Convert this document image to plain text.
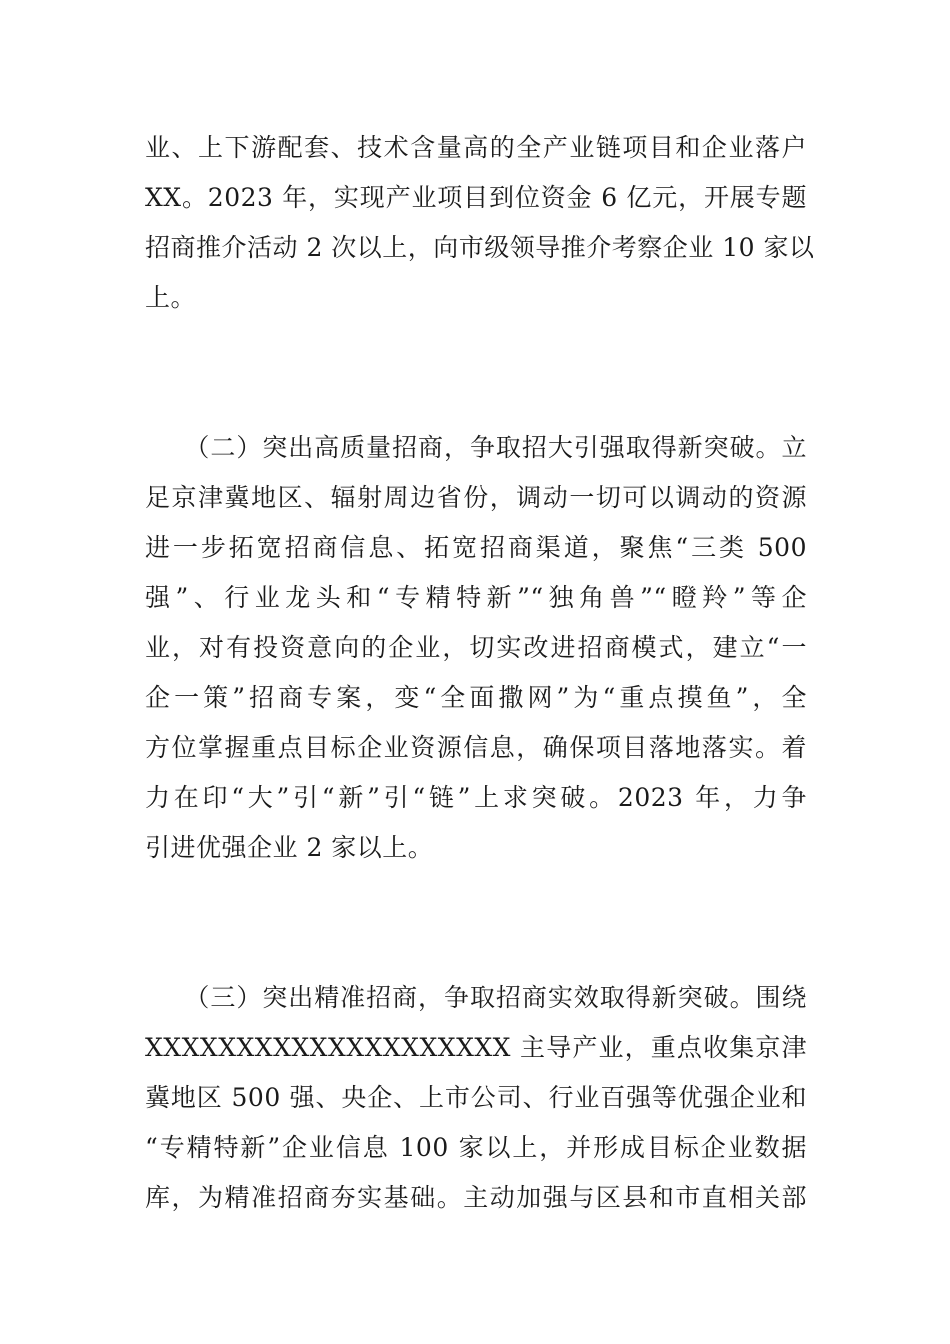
业、上下游配套、技术含量高的全产业链项目和企业落户
XX。2023 年，实现产业项目到位资金 6 亿元，开展专题
招商推介活动 2 次以上，向市级领导推介考察企业 10 家以
上。
　　（二）突出高质量招商，争取招大引强取得新突破。立
足京津冀地区、辐射周边省份，调动一切可以调动的资源
进一步拓宽招商信息、拓宽招商渠道，聚焦“三类 500
强”、行业龙头和“专精特新”“独角兽”“瞪羚”等企
业，对有投资意向的企业，切实改进招商模式，建立“一
企一策”招商专案，变“全面撒网”为“重点摸鱼”，全
方位掌握重点目标企业资源信息，确保项目落地落实。着
力在印“大”引“新”引“链”上求突破。2023 年，力争
引进优强企业 2 家以上。
　　（三）突出精准招商，争取招商实效取得新突破。围绕
XXXXXXXXXXXXXXXXXXXX 主导产业，重点收集京津
冀地区 500 强、央企、上市公司、行业百强等优强企业和
“专精特新”企业信息 100 家以上，并形成目标企业数据
库，为精准招商夯实基础。主动加强与区县和市直相关部
